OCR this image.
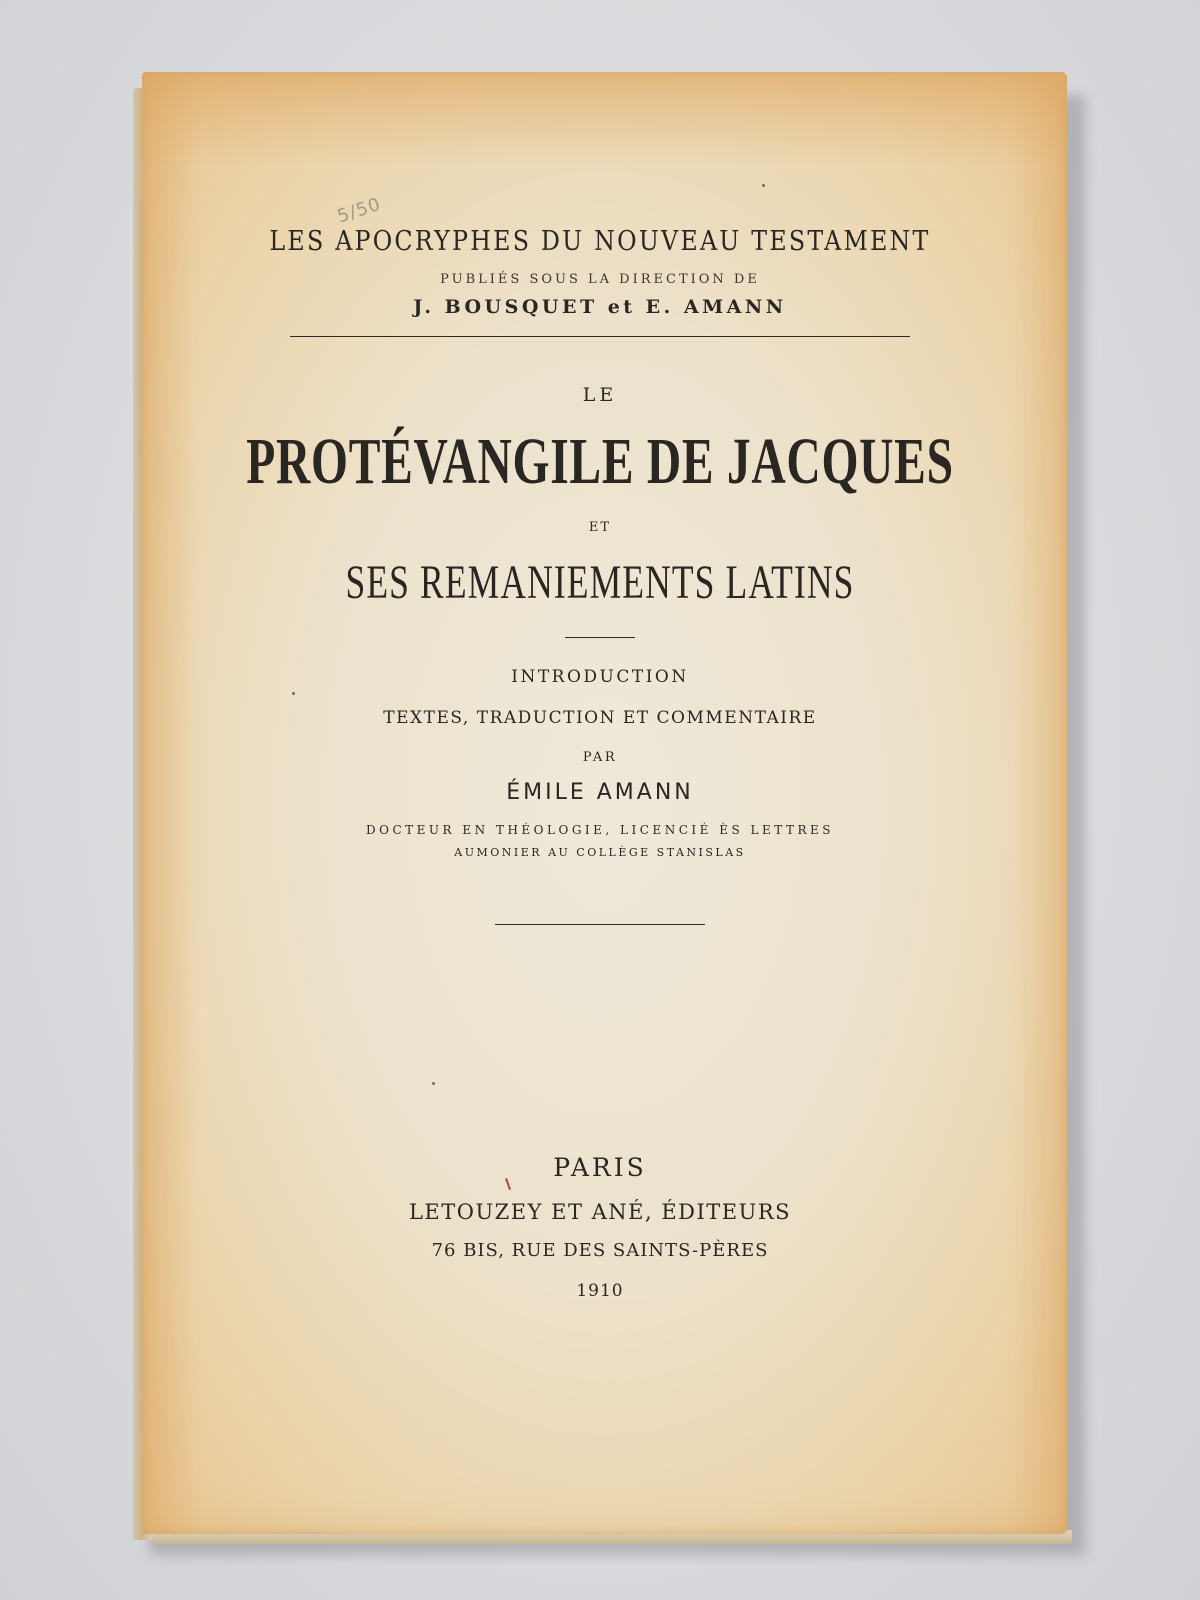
5/50
LES APOCRYPHES DU NOUVEAU TESTAMENT
PUBLIÉS SOUS LA DIRECTION DE
J. BOUSQUET et E. AMANN
LE
PROTÉVANGILE DE JACQUES
ET
SES REMANIEMENTS LATINS
INTRODUCTION
TEXTES, TRADUCTION ET COMMENTAIRE
PAR
ÉMILE AMANN
DOCTEUR EN THÉOLOGIE, LICENCIÉ ÈS LETTRES
AUMONIER AU COLLÈGE STANISLAS
PARIS
LETOUZEY ET ANÉ, ÉDITEURS
76 BIS, RUE DES SAINTS-PÈRES
1910
